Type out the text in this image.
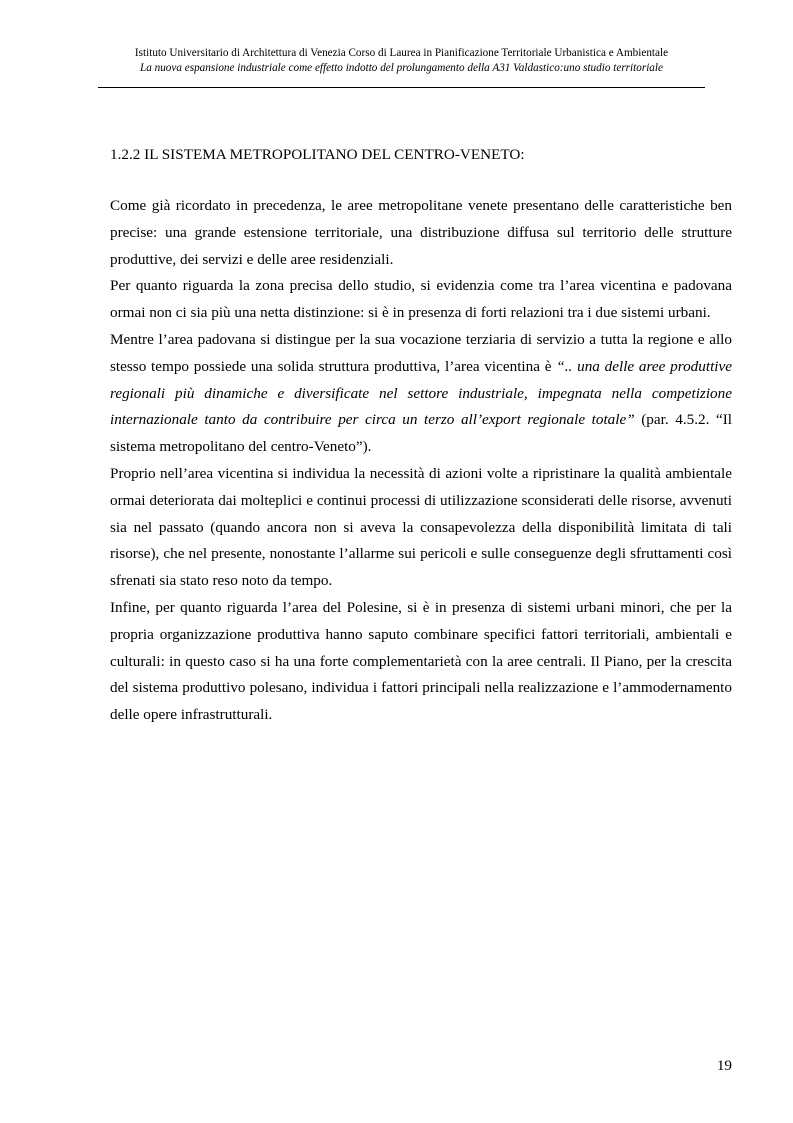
Istituto Universitario di Architettura di Venezia Corso di Laurea in Pianificazione Territoriale Urbanistica e Ambientale
La nuova espansione industriale come effetto indotto del prolungamento della A31 Valdastico:uno studio territoriale
1.2.2 IL SISTEMA METROPOLITANO DEL CENTRO-VENETO:

Come già ricordato in precedenza, le aree metropolitane venete presentano delle caratteristiche ben precise: una grande estensione territoriale, una distribuzione diffusa sul territorio delle strutture produttive, dei servizi e delle aree residenziali.

Per quanto riguarda la zona precisa dello studio, si evidenzia come tra l’area vicentina e padovana ormai non ci sia più una netta distinzione: si è in presenza di forti relazioni tra i due sistemi urbani.

Mentre l’area padovana si distingue per la sua vocazione terziaria di servizio a tutta la regione e allo stesso tempo possiede una solida struttura produttiva, l’area vicentina è “.. una delle aree produttive regionali più dinamiche e diversificate nel settore industriale, impegnata nella competizione internazionale tanto da contribuire per circa un terzo all’export regionale totale” (par. 4.5.2. “Il sistema metropolitano del centro-Veneto”).

Proprio nell’area vicentina si individua la necessità di azioni volte a ripristinare la qualità ambientale ormai deteriorata dai molteplici e continui processi di utilizzazione sconsiderati delle risorse, avvenuti sia nel passato (quando ancora non si aveva la consapevolezza della disponibilità limitata di tali risorse), che nel presente, nonostante l’allarme sui pericoli e sulle conseguenze degli sfruttamenti così sfrenati sia stato reso noto da tempo.

Infine, per quanto riguarda l’area del Polesine, si è in presenza di sistemi urbani minori, che per la propria organizzazione produttiva hanno saputo combinare specifici fattori territoriali, ambientali e culturali: in questo caso si ha una forte complementarietà con la aree centrali. Il Piano, per la crescita del sistema produttivo polesano, individua i fattori principali nella realizzazione e l’ammodernamento delle opere infrastrutturali.

19
